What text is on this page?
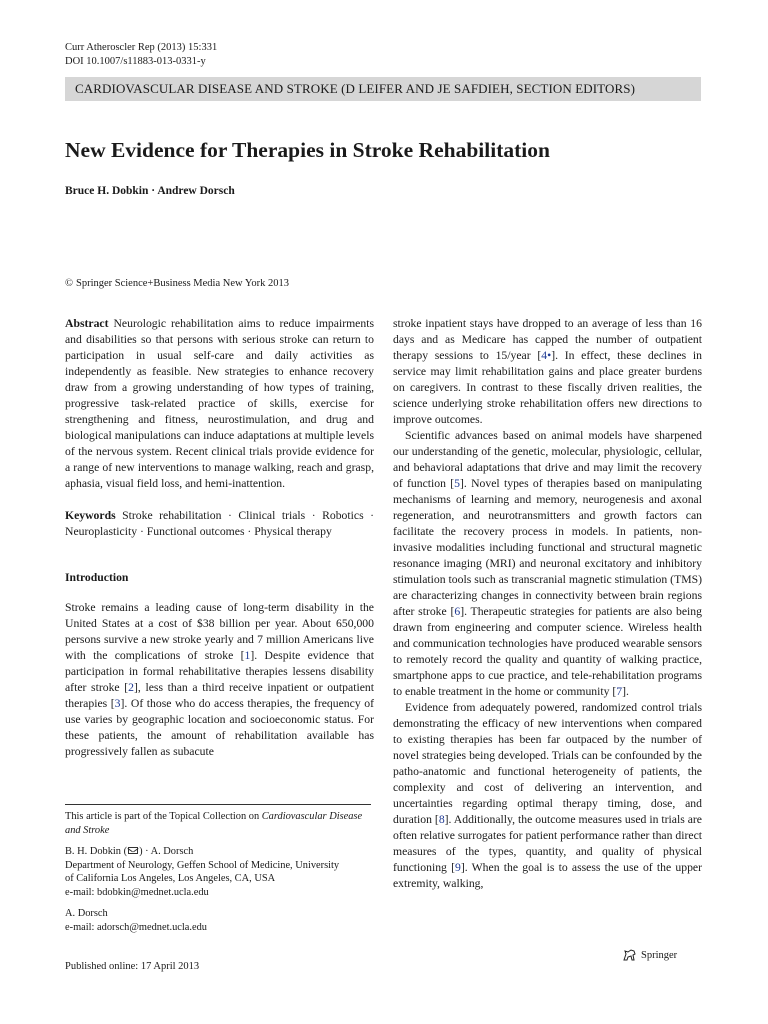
Curr Atheroscler Rep (2013) 15:331
DOI 10.1007/s11883-013-0331-y
CARDIOVASCULAR DISEASE AND STROKE (D LEIFER AND JE SAFDIEH, SECTION EDITORS)
New Evidence for Therapies in Stroke Rehabilitation
Bruce H. Dobkin · Andrew Dorsch
© Springer Science+Business Media New York 2013

Abstract Neurologic rehabilitation aims to reduce impairments and disabilities so that persons with serious stroke can return to participation in usual self-care and daily activities as independently as feasible. New strategies to enhance recovery draw from a growing understanding of how types of training, progressive task-related practice of skills, exercise for strengthening and fitness, neurostimulation, and drug and biological manipulations can induce adaptations at multiple levels of the nervous system. Recent clinical trials provide evidence for a range of new interventions to manage walking, reach and grasp, aphasia, visual field loss, and hemi-inattention.

Keywords Stroke rehabilitation · Clinical trials · Robotics · Neuroplasticity · Functional outcomes · Physical therapy

Introduction

Stroke remains a leading cause of long-term disability in the United States at a cost of $38 billion per year. About 650,000 persons survive a new stroke yearly and 7 million Americans live with the complications of stroke [1]. Despite evidence that participation in formal rehabilitative therapies lessens disability after stroke [2], less than a third receive inpatient or outpatient therapies [3]. Of those who do access therapies, the frequency of use varies by geographic location and socioeconomic status. For these patients, the amount of rehabilitation available has progressively fallen as subacute

stroke inpatient stays have dropped to an average of less than 16 days and as Medicare has capped the number of outpatient therapy sessions to 15/year [4•]. In effect, these declines in service may limit rehabilitation gains and place greater burdens on caregivers. In contrast to these fiscally driven realities, the science underlying stroke rehabilitation offers new directions to improve outcomes.

Scientific advances based on animal models have sharpened our understanding of the genetic, molecular, physiologic, cellular, and behavioral adaptations that drive and may limit the recovery of function [5]. Novel types of therapies based on manipulating mechanisms of learning and memory, neurogenesis and axonal regeneration, and neurotransmitters and growth factors can facilitate the recovery process in models. In patients, non-invasive modalities including functional and structural magnetic resonance imaging (MRI) and neuronal excitatory and inhibitory stimulation tools such as transcranial magnetic stimulation (TMS) are characterizing changes in connectivity between brain regions after stroke [6]. Therapeutic strategies for patients are also being drawn from engineering and computer science. Wireless health and communication technologies have produced wearable sensors to remotely record the quality and quantity of walking practice, smartphone apps to cue practice, and tele-rehabilitation programs to enable treatment in the home or community [7].

Evidence from adequately powered, randomized control trials demonstrating the efficacy of new interventions when compared to existing therapies has been far outpaced by the number of novel strategies being developed. Trials can be confounded by the patho-anatomic and functional heterogeneity of patients, the complexity and cost of delivering an intervention, and uncertainties regarding optimal therapy timing, dose, and duration [8]. Additionally, the outcome measures used in trials are often relative surrogates for patient performance rather than direct measures of the types, quantity, and quality of physical functioning [9]. When the goal is to assess the use of the upper extremity, walking,

This article is part of the Topical Collection on Cardiovascular Disease and Stroke

B. H. Dobkin ( ) · A. Dorsch

Department of Neurology, Geffen School of Medicine, University

of California Los Angeles, Los Angeles, CA, USA

e-mail: bdobkin@mednet.ucla.edu

A. Dorsch

e-mail: adorsch@mednet.ucla.edu

Published online: 17 April 2013
Springer
